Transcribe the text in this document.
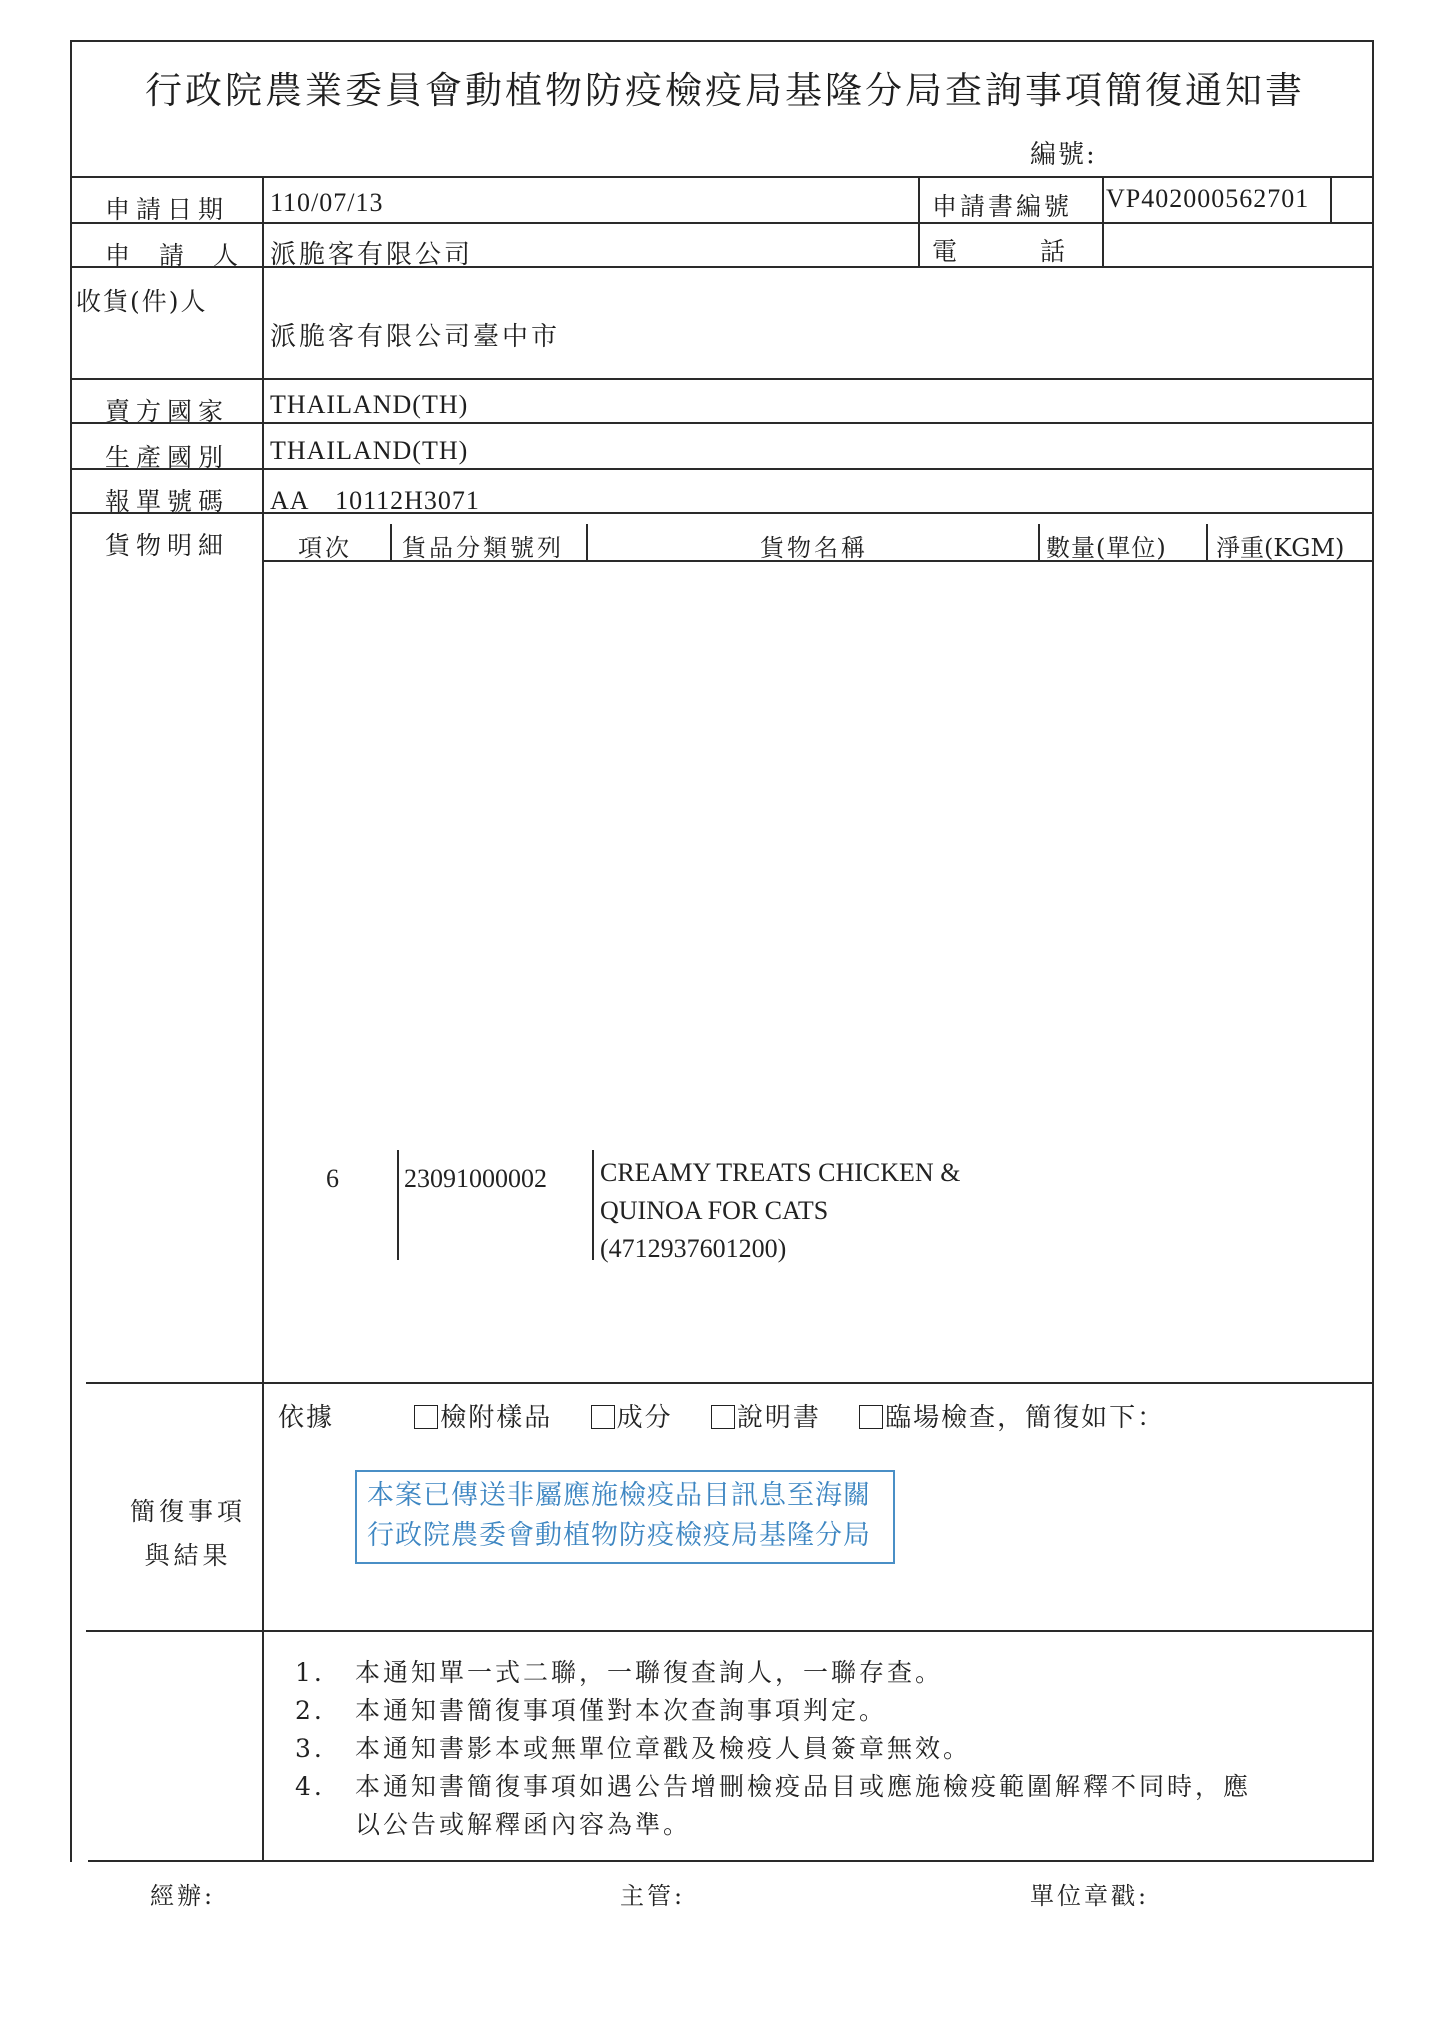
行政院農業委員會動植物防疫檢疫局基隆分局查詢事項簡復通知書
編號:
申請日期 110/07/13	申請書編號 VP402000562701
申　請　人 派脆客有限公司	電　　　話
收貨(件)人
派脆客有限公司臺中市
賣方國家 THAILAND(TH)
生產國別 THAILAND(TH)
報單號碼 AA　10112H3071
貨物明細	項次 貨品分類號列	貨物名稱	數量(單位) 淨重(KGM)
6	23091000002 CREAMY TREATS CHICKEN &
QUINOA FOR CATS
(4712937601200)
簡復事項
與結果
依據	檢附樣品 成分 說明書 臨場檢查，簡復如下：
本案已傳送非屬應施檢疫品目訊息至海關
行政院農委會動植物防疫檢疫局基隆分局
1. 本通知單一式二聯，一聯復查詢人，一聯存查。
2. 本通知書簡復事項僅對本次查詢事項判定。
3. 本通知書影本或無單位章戳及檢疫人員簽章無效。
4. 本通知書簡復事項如遇公告增刪檢疫品目或應施檢疫範圍解釋不同時，應
以公告或解釋函內容為準。
經辦:	主管:	單位章戳:
